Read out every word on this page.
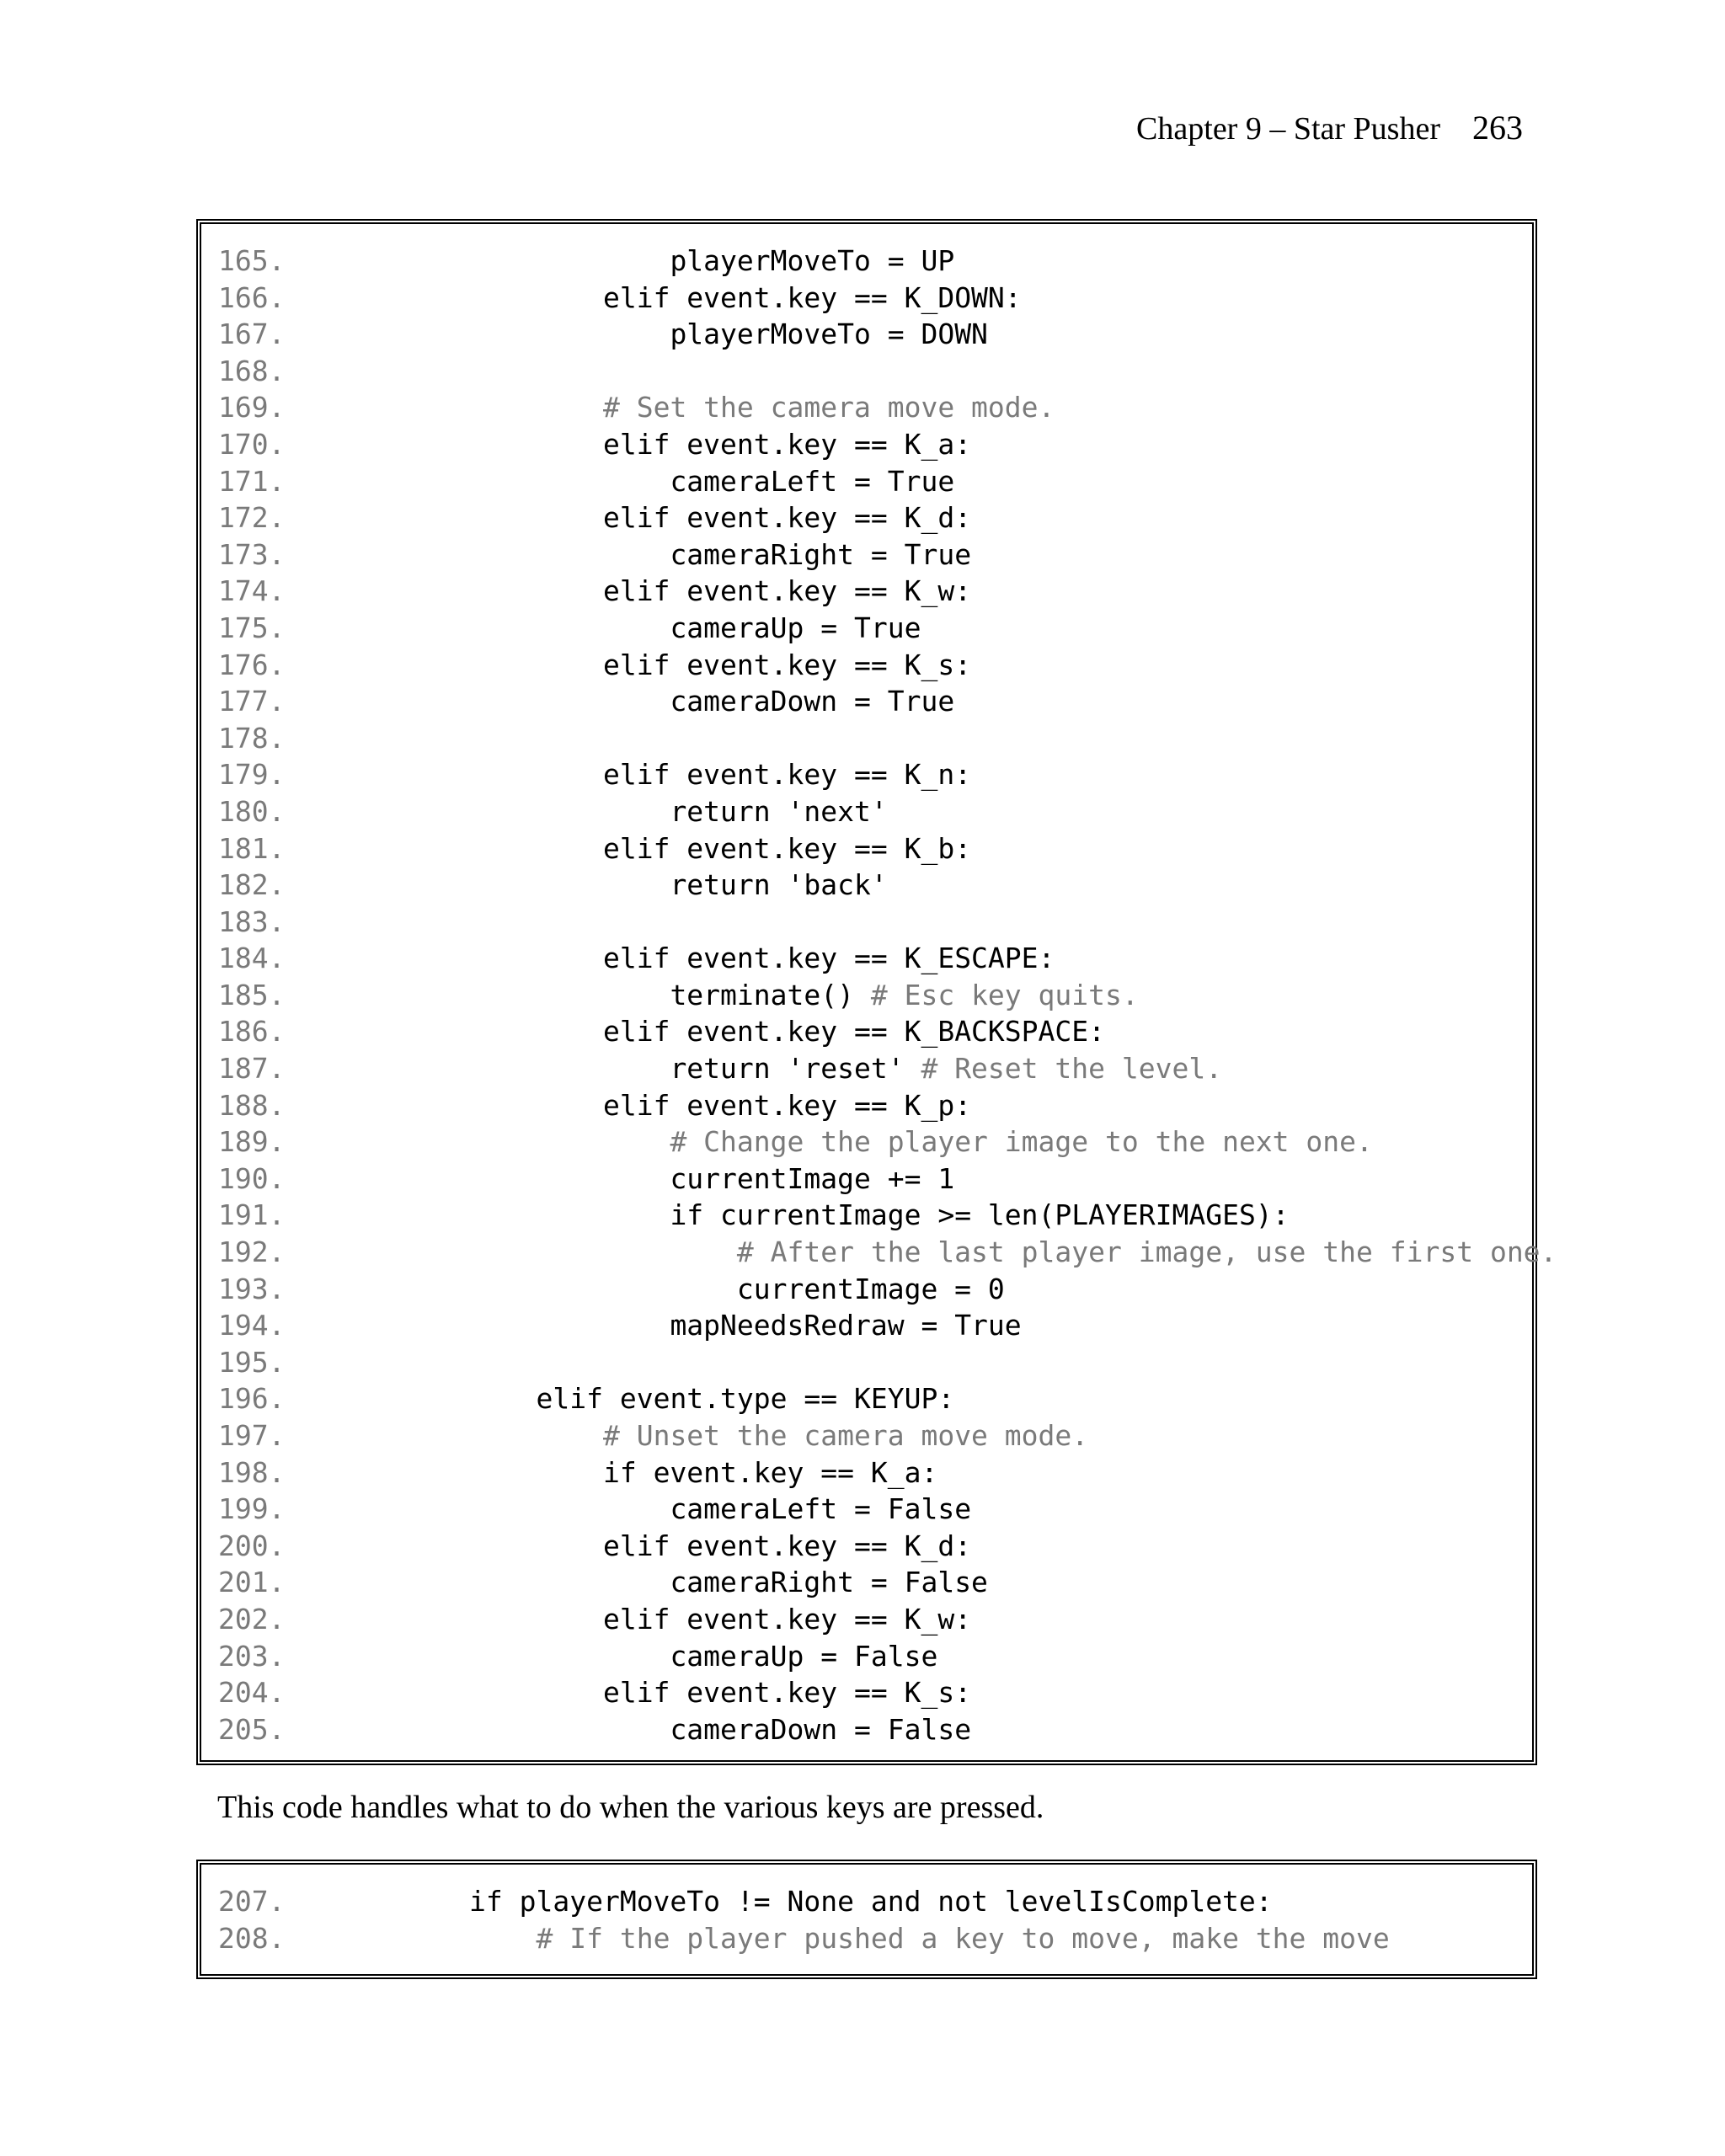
Chapter 9 – Star Pusher 263
165.	playerMoveTo = UP
166.	elif event.key == K_DOWN:
167.	playerMoveTo = DOWN
168.

169.	# Set the camera move mode.
170.	elif event.key == K_a:
171.	cameraLeft = True
172.	elif event.key == K_d:
173.	cameraRight = True
174.	elif event.key == K_w:
175.	cameraUp = True
176.	elif event.key == K_s:
177.	cameraDown = True
178.

179.	elif event.key == K_n:
180.	return 'next'
181.	elif event.key == K_b:
182.	return 'back'
183.

184.	elif event.key == K_ESCAPE:
185.	terminate() # Esc key quits.
186.	elif event.key == K_BACKSPACE:
187.	return 'reset' # Reset the level.
188.	elif event.key == K_p:
189.	# Change the player image to the next one.
190.	currentImage += 1
191.	if currentImage >= len(PLAYERIMAGES):
192.	# After the last player image, use the first one.
193.	currentImage = 0
194.	mapNeedsRedraw = True
195.

196.	elif event.type == KEYUP:
197.	# Unset the camera move mode.
198.	if event.key == K_a:
199.	cameraLeft = False
200.	elif event.key == K_d:
201.	cameraRight = False
202.	elif event.key == K_w:
203.	cameraUp = False
204.	elif event.key == K_s:
205.	cameraDown = False
This code handles what to do when the various keys are pressed.
207.	if playerMoveTo != None and not levelIsComplete:
208.	# If the player pushed a key to move, make the move
